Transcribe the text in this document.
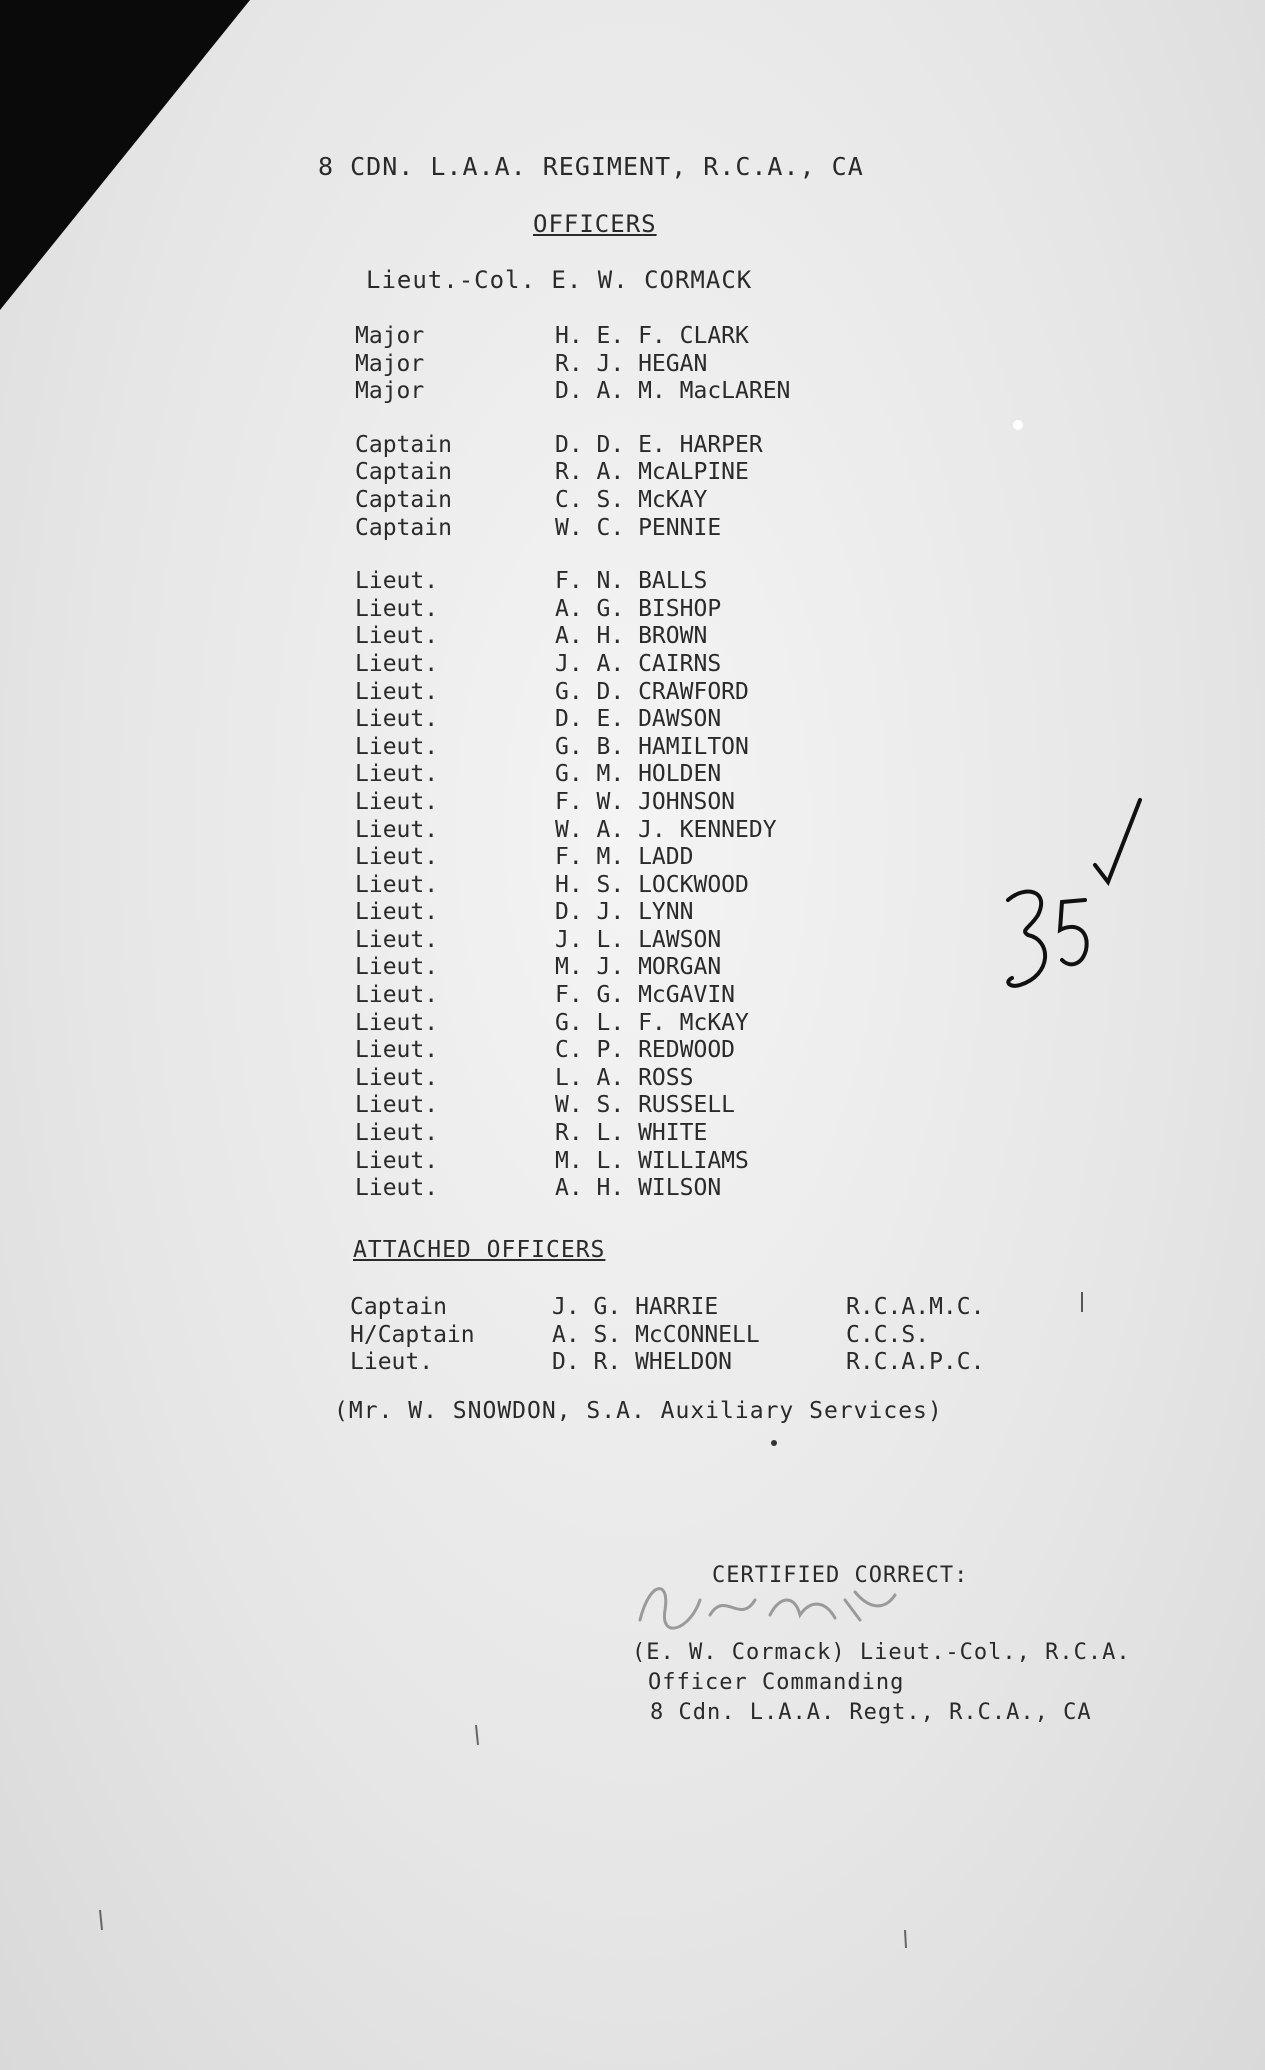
8 CDN. L.A.A. REGIMENT, R.C.A., CA
OFFICERS
Lieut.-Col. E. W. CORMACK
Major	H. E. F. CLARK
Major	R. J. HEGAN
Major	D. A. M. MacLAREN
Captain	D. D. E. HARPER
Captain	R. A. McALPINE
Captain	C. S. McKAY
Captain	W. C. PENNIE
Lieut.	F. N. BALLS
Lieut.	A. G. BISHOP
Lieut.	A. H. BROWN
Lieut.	J. A. CAIRNS
Lieut.	G. D. CRAWFORD
Lieut.	D. E. DAWSON
Lieut.	G. B. HAMILTON
Lieut.	G. M. HOLDEN
Lieut.	F. W. JOHNSON
Lieut.	W. A. J. KENNEDY
Lieut.	F. M. LADD
Lieut.	H. S. LOCKWOOD
Lieut.	D. J. LYNN
Lieut.	J. L. LAWSON
Lieut.	M. J. MORGAN
Lieut.	F. G. McGAVIN
Lieut.	G. L. F. McKAY
Lieut.	C. P. REDWOOD
Lieut.	L. A. ROSS
Lieut.	W. S. RUSSELL
Lieut.	R. L. WHITE
Lieut.	M. L. WILLIAMS
Lieut.	A. H. WILSON
ATTACHED OFFICERS
Captain	J. G. HARRIE	R.C.A.M.C.
H/Captain	A. S. McCONNELL	C.C.S.
Lieut.	D. R. WHELDON	R.C.A.P.C.
(Mr. W. SNOWDON, S.A. Auxiliary Services)
CERTIFIED CORRECT:
(E. W. Cormack) Lieut.-Col., R.C.A.
Officer Commanding
8 Cdn. L.A.A. Regt., R.C.A., CA
